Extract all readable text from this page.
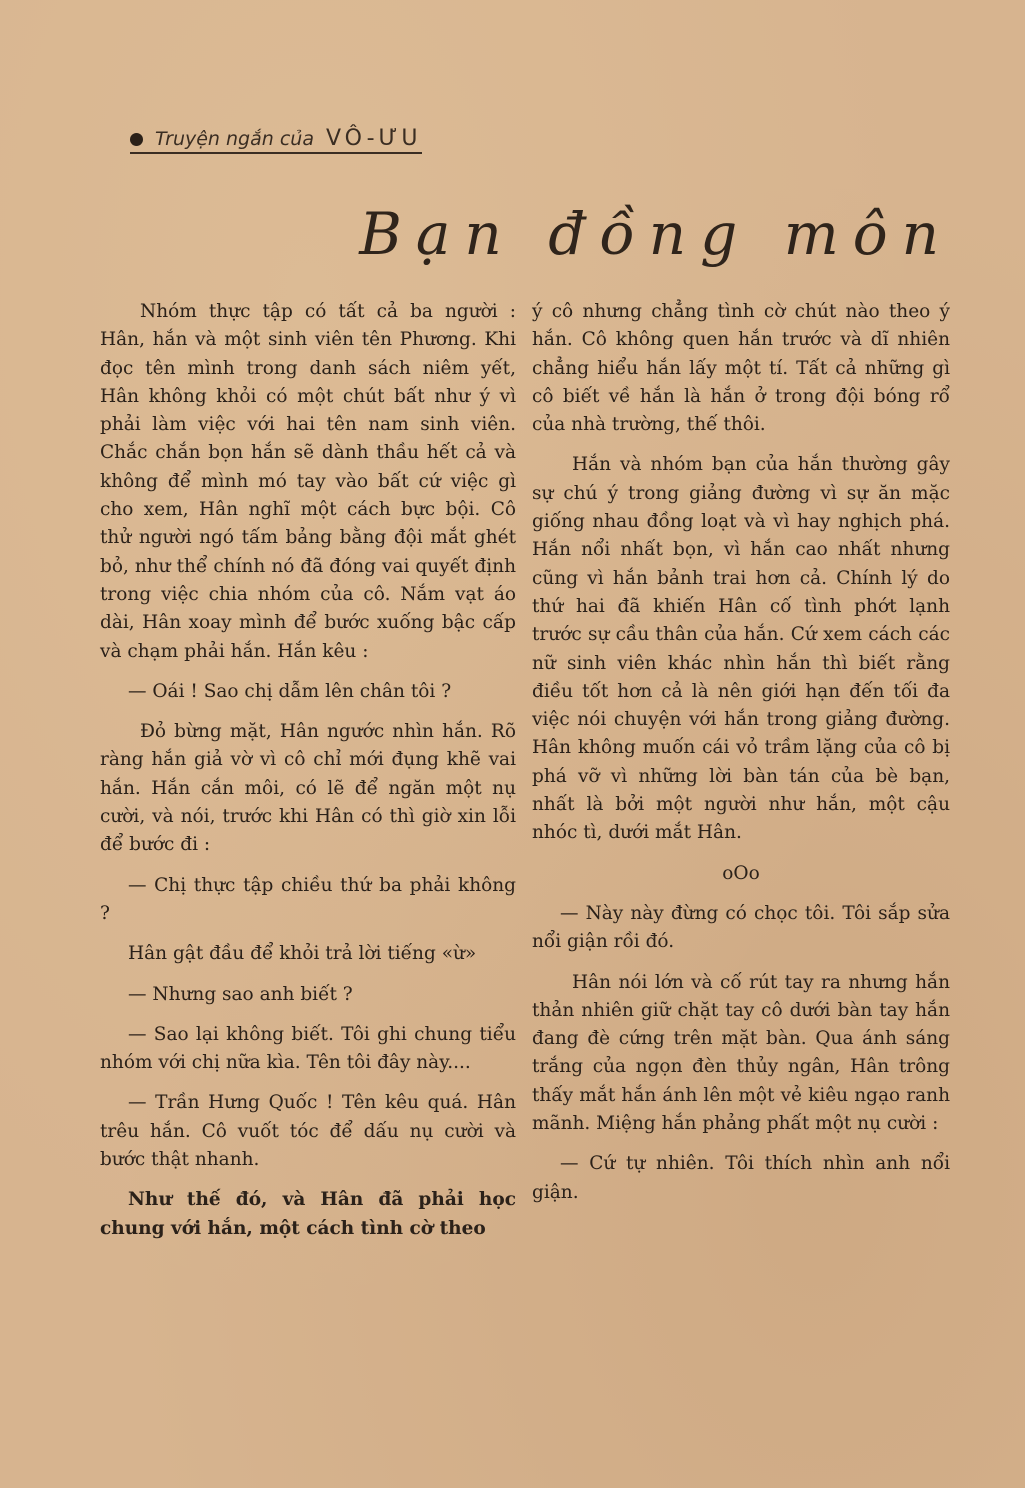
Truyện ngắn của VÔ-ƯU
Bạn đồng môn

Nhóm thực tập có tất cả ba người : Hân, hắn và một sinh viên tên Phương. Khi đọc tên mình trong danh sách niêm yết, Hân không khỏi có một chút bất như ý vì phải làm việc với hai tên nam sinh viên. Chắc chắn bọn hắn sẽ dành thầu hết cả và không để mình mó tay vào bất cứ việc gì cho xem, Hân nghĩ một cách bực bội. Cô thử người ngó tấm bảng bằng đội mắt ghét bỏ, như thể chính nó đã đóng vai quyết định trong việc chia nhóm của cô. Nắm vạt áo dài, Hân xoay mình để bước xuống bậc cấp và chạm phải hắn. Hắn kêu :

— Oái ! Sao chị dẫm lên chân tôi ?

Đỏ bừng mặt, Hân ngước nhìn hắn. Rõ ràng hắn giả vờ vì cô chỉ mới đụng khẽ vai hắn. Hắn cắn môi, có lẽ để ngăn một nụ cười, và nói, trước khi Hân có thì giờ xin lỗi để bước đi :

— Chị thực tập chiều thứ ba phải không ?

Hân gật đầu để khỏi trả lời tiếng «ừ»

— Nhưng sao anh biết ?

— Sao lại không biết. Tôi ghi chung tiểu nhóm với chị nữa kìa. Tên tôi đây này....

— Trần Hưng Quốc ! Tên kêu quá. Hân trêu hắn. Cô vuốt tóc để dấu nụ cười và bước thật nhanh.

Như thế đó, và Hân đã phải học chung với hắn, một cách tình cờ theo

ý cô nhưng chẳng tình cờ chút nào theo ý hắn. Cô không quen hắn trước và dĩ nhiên chẳng hiểu hắn lấy một tí. Tất cả những gì cô biết về hắn là hắn ở trong đội bóng rổ của nhà trường, thế thôi.

Hắn và nhóm bạn của hắn thường gây sự chú ý trong giảng đường vì sự ăn mặc giống nhau đồng loạt và vì hay nghịch phá. Hắn nổi nhất bọn, vì hắn cao nhất nhưng cũng vì hắn bảnh trai hơn cả. Chính lý do thứ hai đã khiến Hân cố tình phớt lạnh trước sự cầu thân của hắn. Cứ xem cách các nữ sinh viên khác nhìn hắn thì biết rằng điều tốt hơn cả là nên giới hạn đến tối đa việc nói chuyện với hắn trong giảng đường. Hân không muốn cái vỏ trầm lặng của cô bị phá vỡ vì những lời bàn tán của bè bạn, nhất là bởi một người như hắn, một cậu nhóc tì, dưới mắt Hân.

oOo

— Này này đừng có chọc tôi. Tôi sắp sửa nổi giận rồi đó.

Hân nói lớn và cố rút tay ra nhưng hắn thản nhiên giữ chặt tay cô dưới bàn tay hắn đang đè cứng trên mặt bàn. Qua ánh sáng trắng của ngọn đèn thủy ngân, Hân trông thấy mắt hắn ánh lên một vẻ kiêu ngạo ranh mãnh. Miệng hắn phảng phất một nụ cười :

— Cứ tự nhiên. Tôi thích nhìn anh nổi giận.
